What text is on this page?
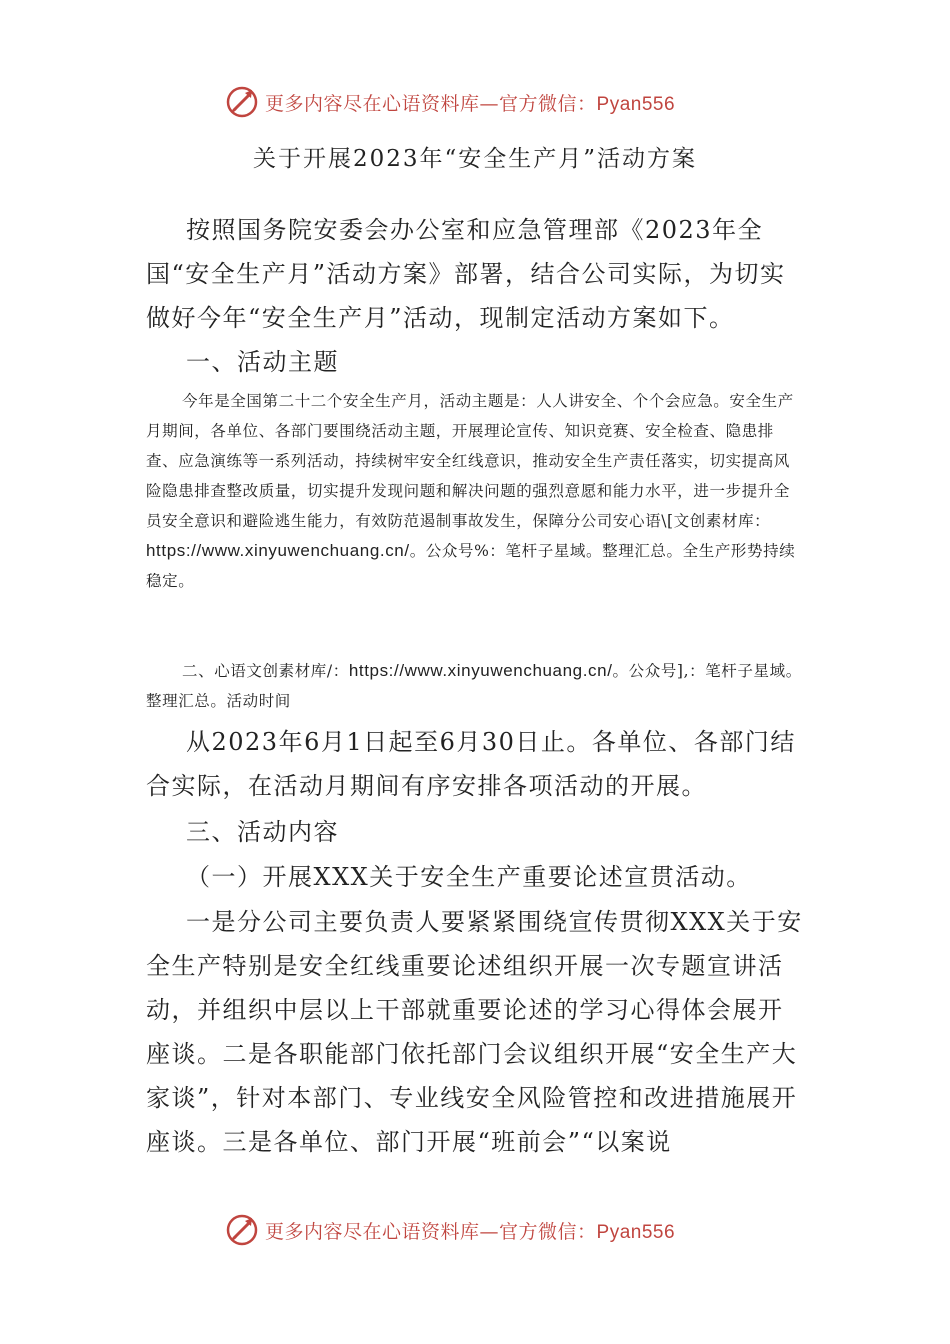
更多内容尽在心语资料库—官方微信：Pyan556
关于开展2023年“安全生产月”活动方案

按照国务院安委会办公室和应急管理部《2023年全国“安全生产月”活动方案》部署，结合公司实际，为切实做好今年“安全生产月”活动，现制定活动方案如下。

一、活动主题

今年是全国第二十二个安全生产月，活动主题是：人人讲安全、个个会应急。安全生产月期间，各单位、各部门要围绕活动主题，开展理论宣传、知识竞赛、安全检查、隐患排查、应急演练等一系列活动，持续树牢安全红线意识，推动安全生产责任落实，切实提高风险隐患排查整改质量，切实提升发现问题和解决问题的强烈意愿和能力水平，进一步提升全员安全意识和避险逃生能力，有效防范遏制事故发生，保障分公司安心语\[文创素材库：https://www.xinyuwenchuang.cn/。公众号%：笔杆子星域。整理汇总。全生产形势持续稳定。

二、心语文创素材库/：https://www.xinyuwenchuang.cn/。公众号],：笔杆子星域。整理汇总。活动时间

从2023年6月1日起至6月30日止。各单位、各部门结合实际，在活动月期间有序安排各项活动的开展。

三、活动内容

（一）开展XXX关于安全生产重要论述宣贯活动。

一是分公司主要负责人要紧紧围绕宣传贯彻XXX关于安全生产特别是安全红线重要论述组织开展一次专题宣讲活动，并组织中层以上干部就重要论述的学习心得体会展开座谈。二是各职能部门依托部门会议组织开展“安全生产大家谈”，针对本部门、专业线安全风险管控和改进措施展开座谈。三是各单位、部门开展“班前会”“以案说

更多内容尽在心语资料库—官方微信：Pyan556
